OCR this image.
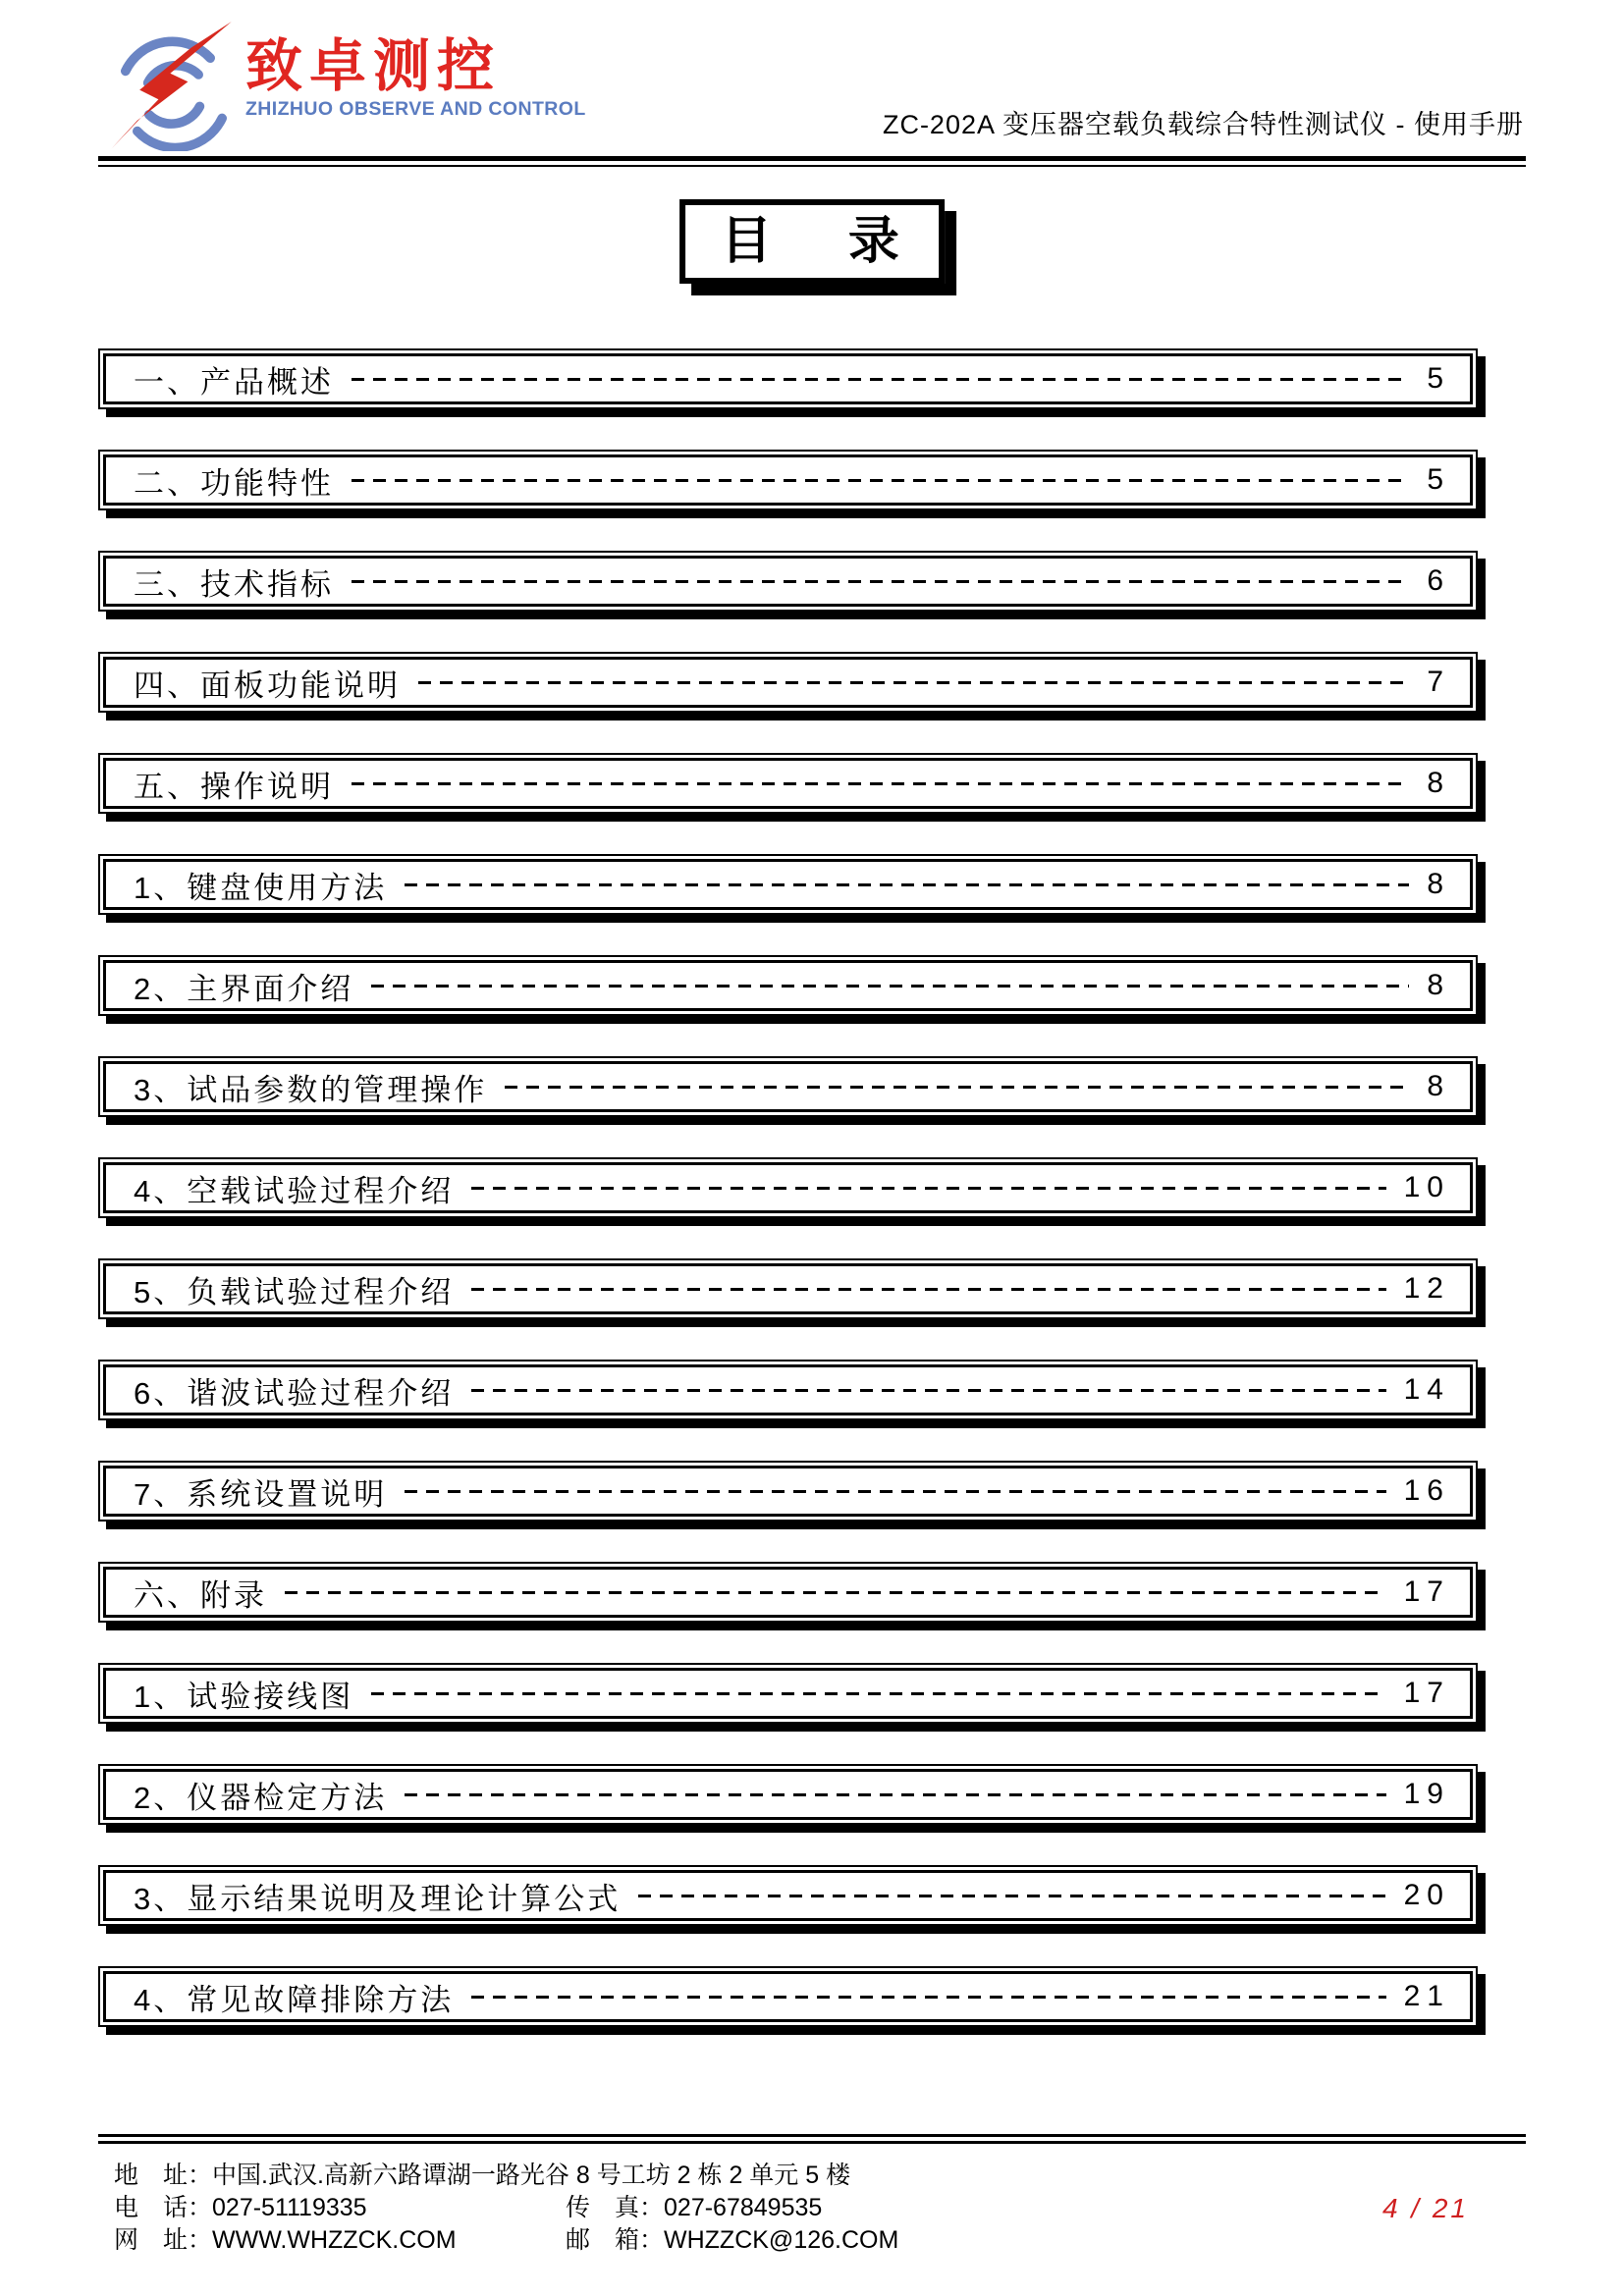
致卓测控
ZHIZHUO OBSERVE AND CONTROL
ZC-202A 变压器空载负载综合特性测试仪 - 使用手册
目    录
一、产品概述	5
二、功能特性	5
三、技术指标	6
四、面板功能说明	7
五、操作说明	8
1、键盘使用方法	8
2、主界面介绍	8
3、试品参数的管理操作	8
4、空载试验过程介绍	10
5、负载试验过程介绍	12
6、谐波试验过程介绍	14
7、系统设置说明	16
六、附录	17
1、试验接线图	17
2、仪器检定方法	19
3、显示结果说明及理论计算公式	20
4、常见故障排除方法	21
地　址： 中国.武汉.高新六路谭湖一路光谷 8 号工坊 2 栋 2 单元 5 楼
电　话： 027-51119335	传　真： 027-67849535
网　址： WWW.WHZZCK.COM	邮　箱： WHZZCK@126.COM
4 / 21
